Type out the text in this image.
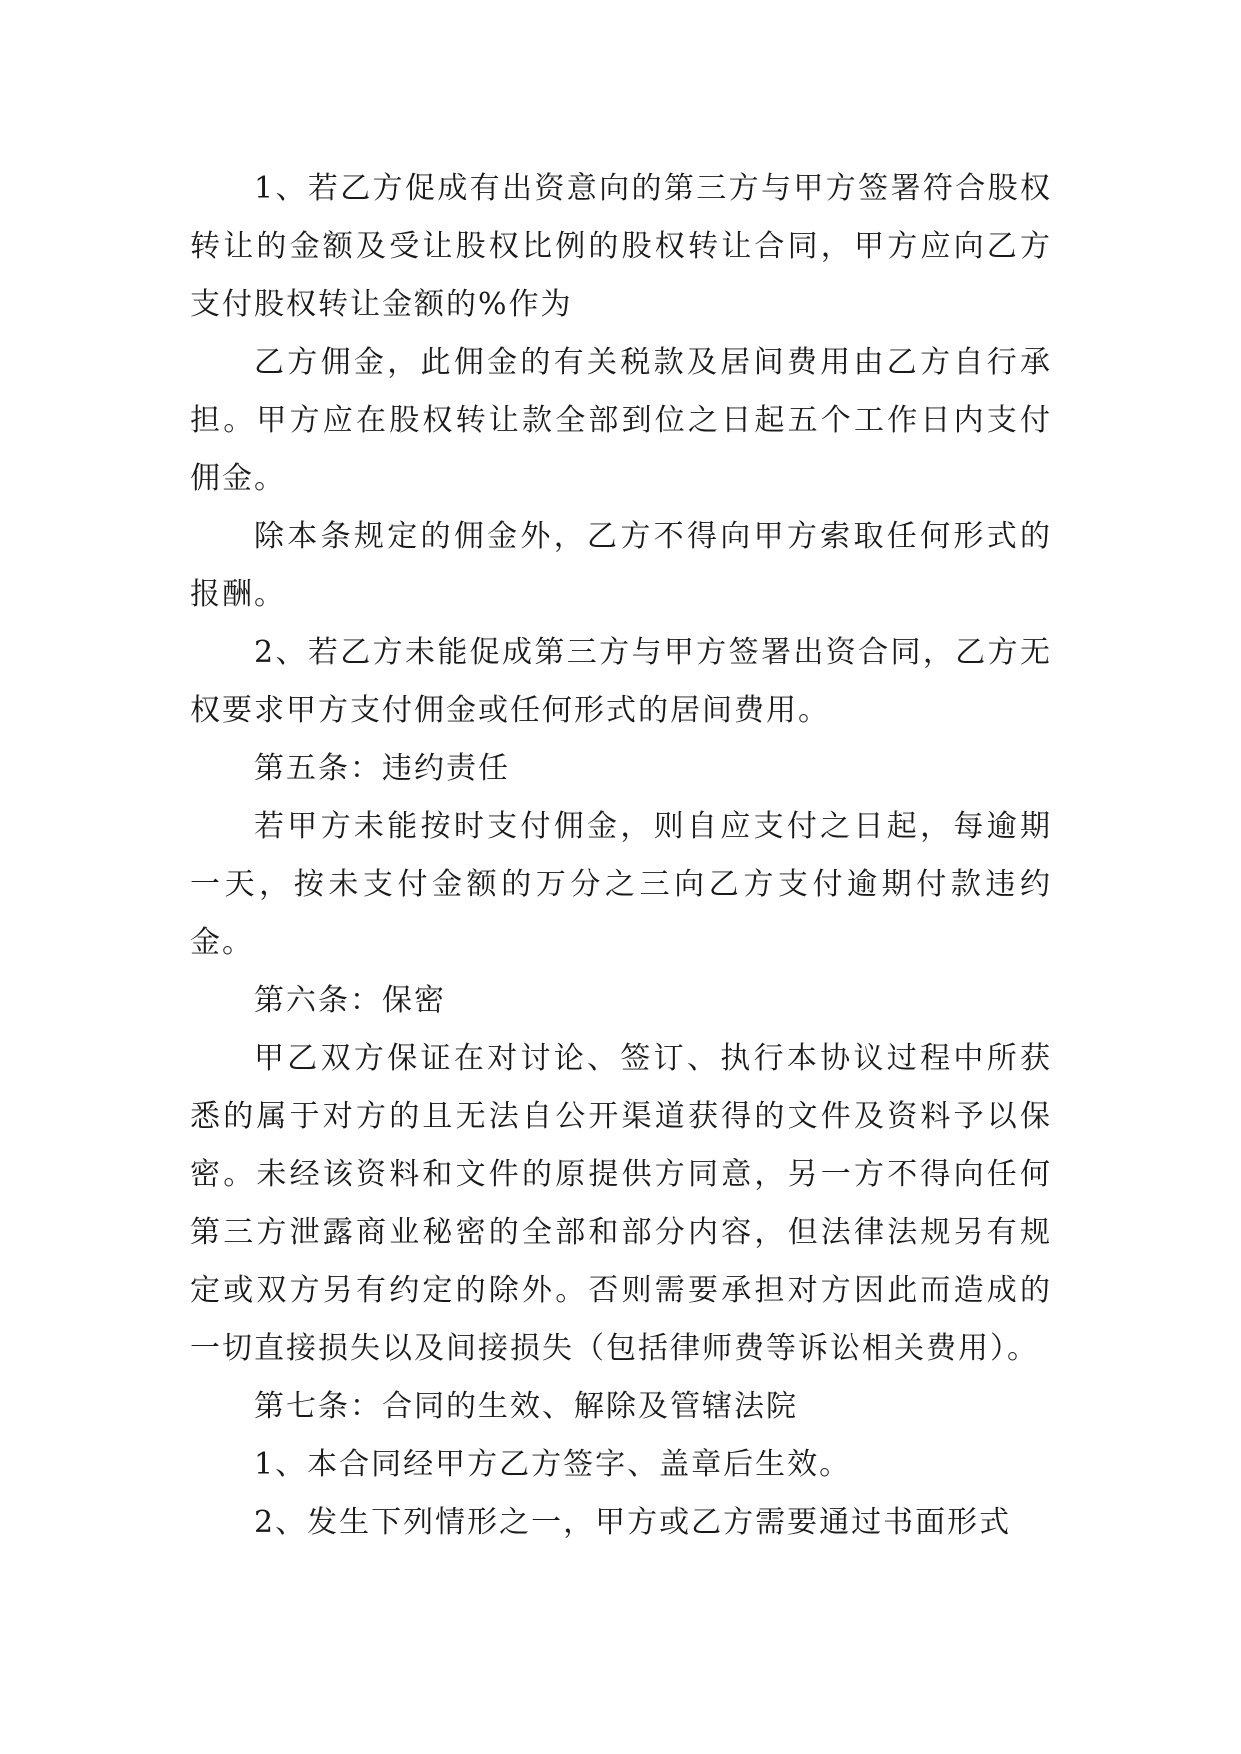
1、若乙方促成有出资意向的第三方与甲方签署符合股权转让的金额及受让股权比例的股权转让合同，甲方应向乙方支付股权转让金额的%作为

乙方佣金，此佣金的有关税款及居间费用由乙方自行承担。甲方应在股权转让款全部到位之日起五个工作日内支付佣金。

除本条规定的佣金外，乙方不得向甲方索取任何形式的报酬。

2、若乙方未能促成第三方与甲方签署出资合同，乙方无权要求甲方支付佣金或任何形式的居间费用。

第五条：违约责任

若甲方未能按时支付佣金，则自应支付之日起，每逾期一天，按未支付金额的万分之三向乙方支付逾期付款违约金。

第六条：保密

甲乙双方保证在对讨论、签订、执行本协议过程中所获悉的属于对方的且无法自公开渠道获得的文件及资料予以保密。未经该资料和文件的原提供方同意，另一方不得向任何第三方泄露商业秘密的全部和部分内容，但法律法规另有规定或双方另有约定的除外。否则需要承担对方因此而造成的一切直接损失以及间接损失（包括律师费等诉讼相关费用）。

第七条：合同的生效、解除及管辖法院

1、本合同经甲方乙方签字、盖章后生效。

2、发生下列情形之一，甲方或乙方需要通过书面形式
